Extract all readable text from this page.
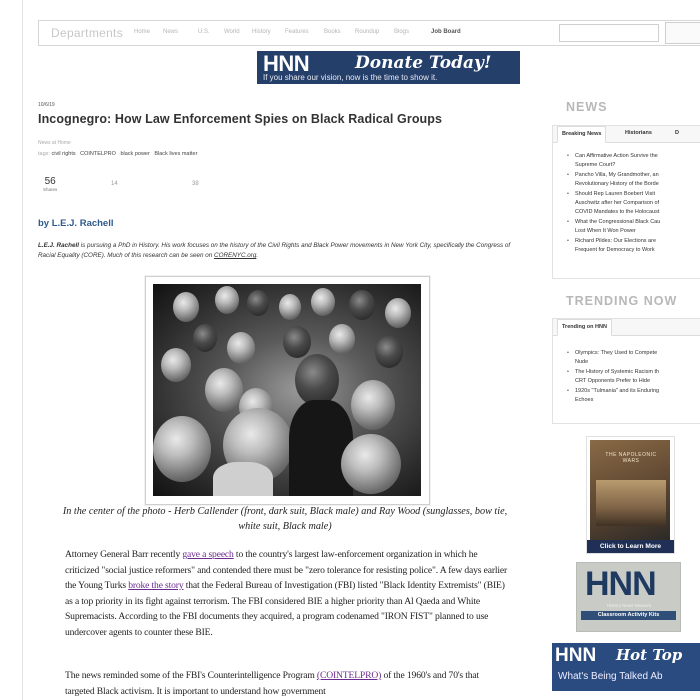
Departments Home News	U.S. World History Features	Books Roundup Blogs	Job Board
HNN	Donate Today!
If you share our vision, now is the time to show it.
10/6/19
Incognegro: How Law Enforcement Spies on Black Radical Groups
News at Home
tags: civil rights COINTELPRO black power Black lives matter
56
Shares
14	38
by L.E.J. Rachell
L.E.J. Rachell is pursuing a PhD in History. His work focuses on the history of the Civil Rights and Black Power movements in New York City, specifically the Congress of Racial Equality (CORE). Much of this research can be seen on CORENYC.org.
In the center of the photo - Herb Callender (front, dark suit, Black male) and Ray Wood (sunglasses, bow tie, white suit, Black male)
Attorney General Barr recently gave a speech to the country's largest law-enforcement organization in which he criticized "social justice reformers" and contended there must be "zero tolerance for resisting police". A few days earlier the Young Turks broke the story that the Federal Bureau of Investigation (FBI) listed "Black Identity Extremists" (BIE) as a top priority in its fight against terrorism. The FBI considered BIE a higher priority than Al Qaeda and White Supremacists. According to the FBI documents they acquired, a program codenamed "IRON FIST" planned to use undercover agents to counter these BIE.
The news reminded some of the FBI's Counterintelligence Program (COINTELPRO) of the 1960's and 70's that targeted Black activism. It is important to understand how government
NEWS
Breaking News	Historians	D
• Can Affirmative Action Survive the
Supreme Court?
• Pancho Villa, My Grandmother, an
Revolutionary History of the Borde
• Should Rep Lauren Boebert Visit
Auschwitz after her Comparison of
COVID Mandates to the Holocaust
• What the Congressional Black Cau
Lost When It Won Power
• Richard Pildes: Our Elections are
Frequent for Democracy to Work
TRENDING NOW
Trending on HNN
• Olympics: They Used to Compete
Nude
• The History of Systemic Racism th
CRT Opponents Prefer to Hide
• 1920s "Tulmania" and its Enduring
Echoes
THE NAPOLEONIC WARS
Click to Learn More
HNN
History News Network
Classroom Activity Kits
HNN Hot Top
What's Being Talked Ab
